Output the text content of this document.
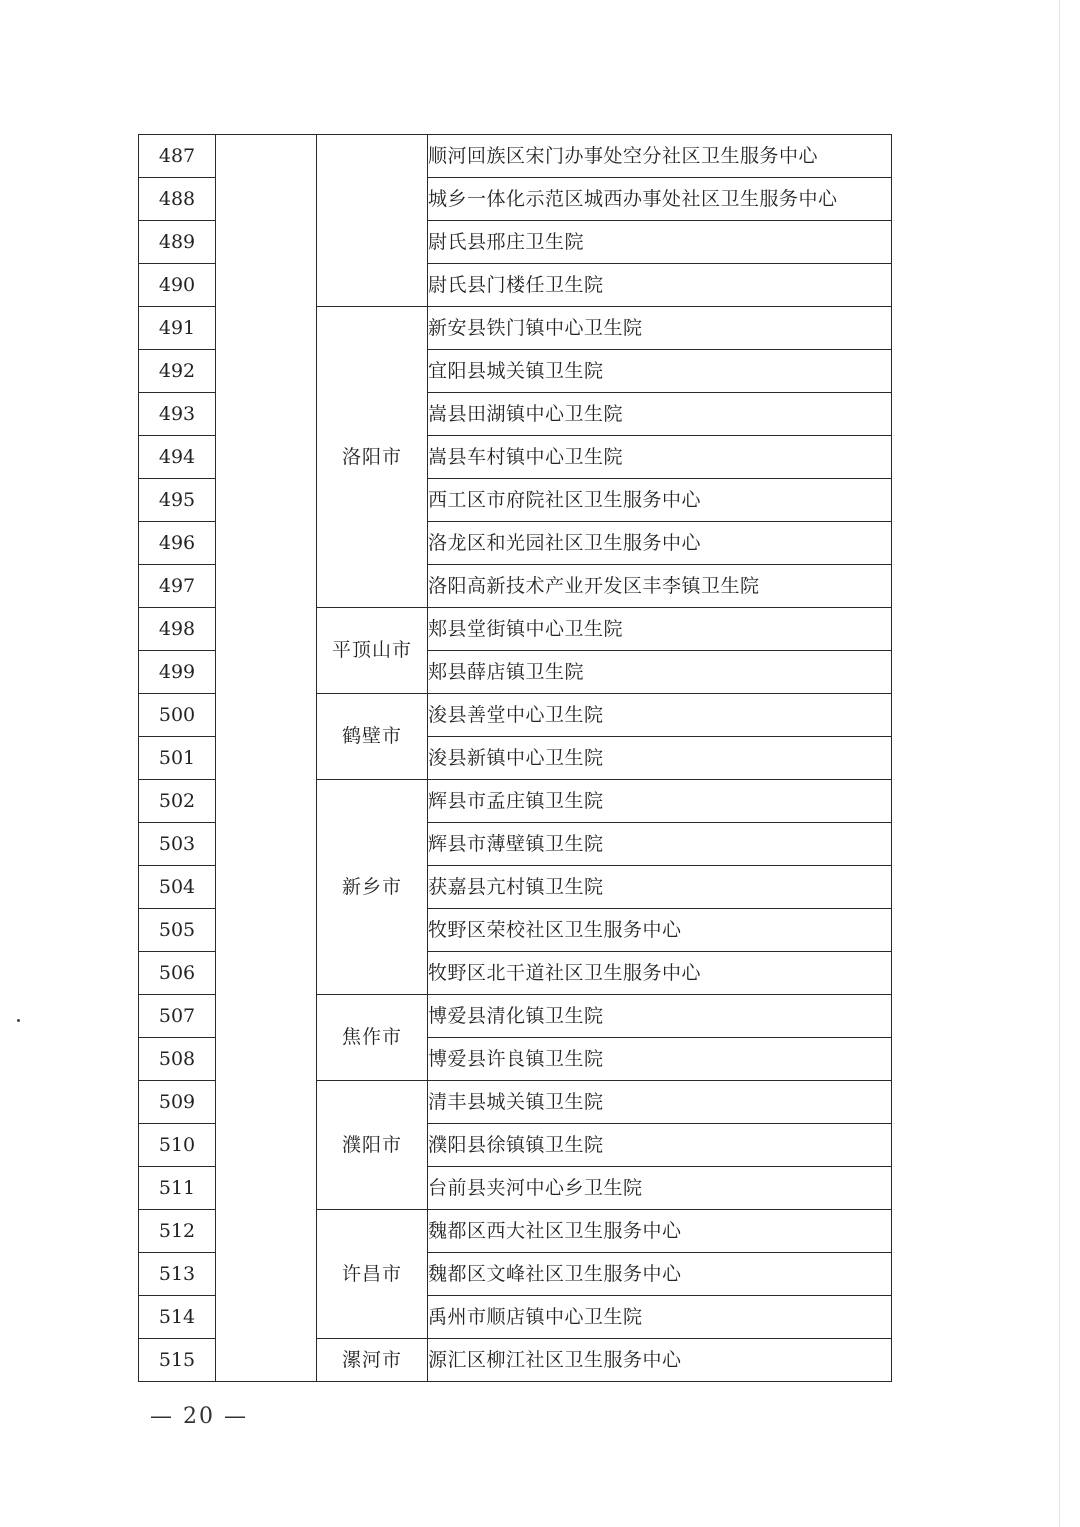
487			顺河回族区宋门办事处空分社区卫生服务中心
488			城乡一体化示范区城西办事处社区卫生服务中心
489			尉氏县邢庄卫生院
490			尉氏县门楼任卫生院
491		洛阳市	新安县铁门镇中心卫生院
492			宜阳县城关镇卫生院
493			嵩县田湖镇中心卫生院
494			嵩县车村镇中心卫生院
495			西工区市府院社区卫生服务中心
496			洛龙区和光园社区卫生服务中心
497			洛阳高新技术产业开发区丰李镇卫生院
498		平顶山市	郏县堂街镇中心卫生院
499			郏县薛店镇卫生院
500		鹤壁市	浚县善堂中心卫生院
501			浚县新镇中心卫生院
502		新乡市	辉县市孟庄镇卫生院
503			辉县市薄壁镇卫生院
504			获嘉县亢村镇卫生院
505			牧野区荣校社区卫生服务中心
506			牧野区北干道社区卫生服务中心
507		焦作市	博爱县清化镇卫生院
508			博爱县许良镇卫生院
509		濮阳市	清丰县城关镇卫生院
510			濮阳县徐镇镇卫生院
511			台前县夹河中心乡卫生院
512		许昌市	魏都区西大社区卫生服务中心
513			魏都区文峰社区卫生服务中心
514			禹州市顺店镇中心卫生院
515		漯河市	源汇区柳江社区卫生服务中心
— 20 —
